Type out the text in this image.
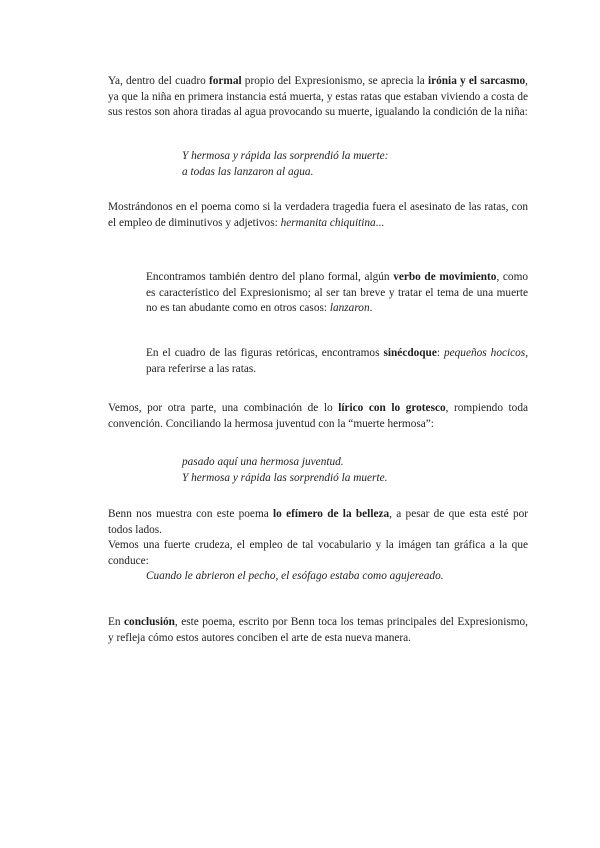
Ya, dentro del cuadro formal propio del Expresionismo, se aprecia la irónia y el sarcasmo, ya que la niña en primera instancia está muerta, y estas ratas que estaban viviendo a costa de sus restos son ahora tiradas al agua provocando su muerte, igualando la condición de la niña:

Y hermosa y rápida las sorprendió la muerte:
a todas las lanzaron al agua.

Mostrándonos en el poema como si la verdadera tragedia fuera el asesinato de las ratas, con el empleo de diminutivos y adjetivos: hermanita chiquitina...

Encontramos también dentro del plano formal, algún verbo de movimiento, como es característico del Expresionismo; al ser tan breve y tratar el tema de una muerte no es tan abudante como en otros casos: lanzaron.

En el cuadro de las figuras retóricas, encontramos sinécdoque: pequeños hocicos, para referirse a las ratas.

Vemos, por otra parte, una combinación de lo lírico con lo grotesco, rompiendo toda convención. Conciliando la hermosa juventud con la “muerte hermosa”:

pasado aquí una hermosa juventud.
Y hermosa y rápida las sorprendió la muerte.
Benn nos muestra con este poema lo efímero de la belleza, a pesar de que esta esté por todos lados.
Vemos una fuerte crudeza, el empleo de tal vocabulario y la imágen tan gráfica a la que conduce:
Cuando le abrieron el pecho, el esófago estaba como agujereado.

En conclusión, este poema, escrito por Benn toca los temas principales del Expresionismo, y refleja cómo estos autores conciben el arte de esta nueva manera.
